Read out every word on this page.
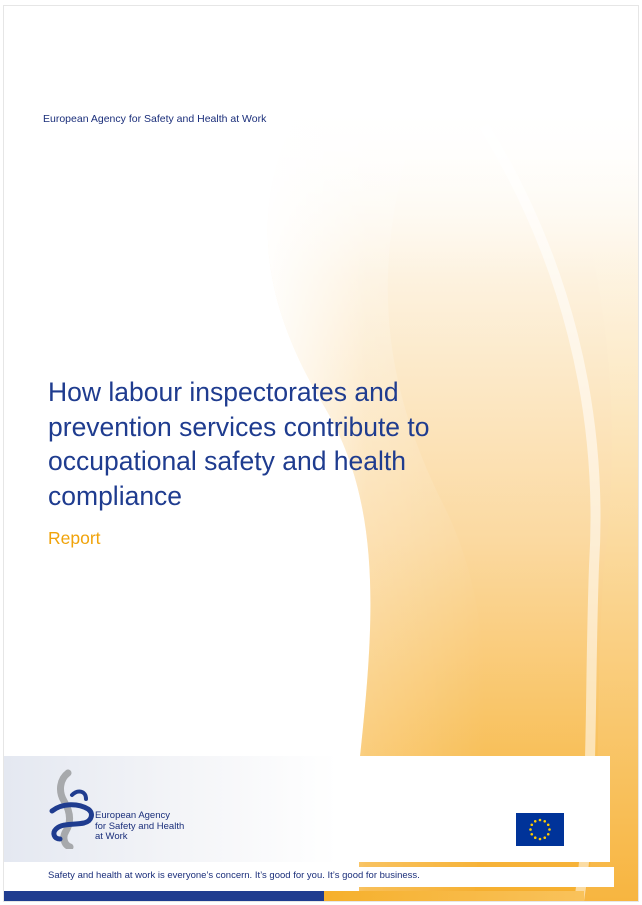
European Agency for Safety and Health at Work
How labour inspectorates and
prevention services contribute to
occupational safety and health
compliance
Report
European Agency
for Safety and Health
at Work
Safety and health at work is everyone’s concern. It’s good for you. It’s good for business.
